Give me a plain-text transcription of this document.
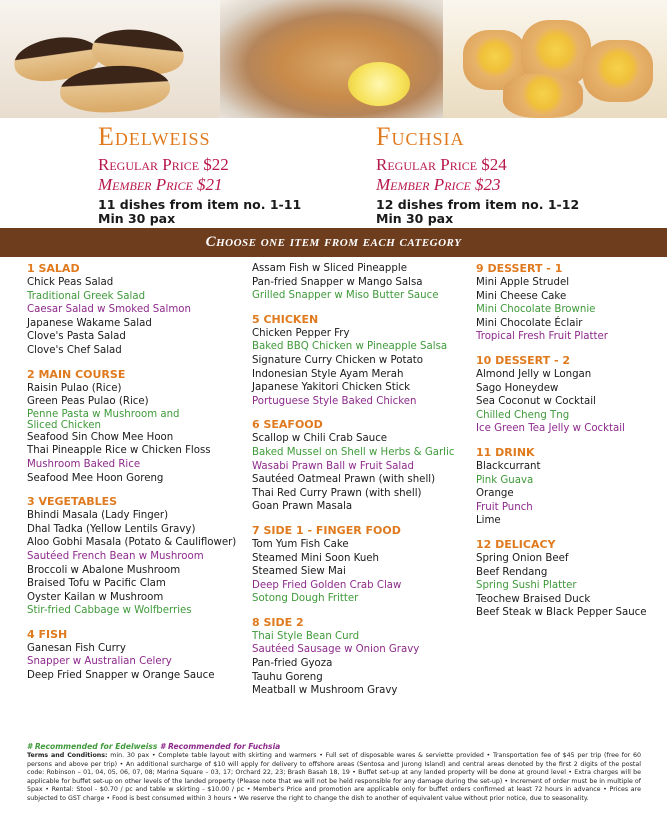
Edelweiss
Regular Price $22
Member Price $21
11 dishes from item no. 1-11
Min 30 pax
Fuchsia
Regular Price $24
Member Price $23
12 dishes from item no. 1-12
Min 30 pax
Choose one item from each category
1 SALAD
Chick Peas Salad
Traditional Greek Salad
Caesar Salad w Smoked Salmon
Japanese Wakame Salad
Clove's Pasta Salad
Clove's Chef Salad
2 MAIN COURSE
Raisin Pulao (Rice)
Green Peas Pulao (Rice)
Penne Pasta w Mushroom and Sliced Chicken
Seafood Sin Chow Mee Hoon
Thai Pineapple Rice w Chicken Floss
Mushroom Baked Rice
Seafood Mee Hoon Goreng
3 VEGETABLES
Bhindi Masala (Lady Finger)
Dhal Tadka (Yellow Lentils Gravy)
Aloo Gobhi Masala (Potato & Cauliflower)
Sautéed French Bean w Mushroom
Broccoli w Abalone Mushroom
Braised Tofu w Pacific Clam
Oyster Kailan w Mushroom
Stir-fried Cabbage w Wolfberries
4 FISH
Ganesan Fish Curry
Snapper w Australian Celery
Deep Fried Snapper w Orange Sauce
Assam Fish w Sliced Pineapple
Pan-fried Snapper w Mango Salsa
Grilled Snapper w Miso Butter Sauce
5 CHICKEN
Chicken Pepper Fry
Baked BBQ Chicken w Pineapple Salsa
Signature Curry Chicken w Potato
Indonesian Style Ayam Merah
Japanese Yakitori Chicken Stick
Portuguese Style Baked Chicken
6 SEAFOOD
Scallop w Chili Crab Sauce
Baked Mussel on Shell w Herbs & Garlic
Wasabi Prawn Ball w Fruit Salad
Sautéed Oatmeal Prawn (with shell)
Thai Red Curry Prawn (with shell)
Goan Prawn Masala
7 SIDE 1 - FINGER FOOD
Tom Yum Fish Cake
Steamed Mini Soon Kueh
Steamed Siew Mai
Deep Fried Golden Crab Claw
Sotong Dough Fritter
8 SIDE 2
Thai Style Bean Curd
Sautéed Sausage w Onion Gravy
Pan-fried Gyoza
Tauhu Goreng
Meatball w Mushroom Gravy
9 DESSERT - 1
Mini Apple Strudel
Mini Cheese Cake
Mini Chocolate Brownie
Mini Chocolate Éclair
Tropical Fresh Fruit Platter
10 DESSERT - 2
Almond Jelly w Longan
Sago Honeydew
Sea Coconut w Cocktail
Chilled Cheng Tng
Ice Green Tea Jelly w Cocktail
11 DRINK
Blackcurrant
Pink Guava
Orange
Fruit Punch
Lime
12 DELICACY
Spring Onion Beef
Beef Rendang
Spring Sushi Platter
Teochew Braised Duck
Beef Steak w Black Pepper Sauce
# Recommended for Edelweiss # Recommended for Fuchsia
Terms and Conditions: min. 30 pax • Complete table layout with skirting and warmers • Full set of disposable wares & serviette provided • Transportation fee of $45 per trip (free for 60 persons and above per trip) • An additional surcharge of $10 will apply for delivery to offshore areas (Sentosa and Jurong Island) and central areas denoted by the first 2 digits of the postal code: Robinson – 01, 04, 05, 06, 07, 08; Marina Square – 03, 17; Orchard 22, 23; Brash Basah 18, 19 • Buffet set-up at any landed property will be done at ground level • Extra charges will be applicable for buffet set-up on other levels of the landed property (Please note that we will not be held responsible for any damage during the set-up) • Increment of order must be in multiple of 5pax • Rental: Stool - $0.70 / pc and table w skirting - $10.00 / pc • Member's Price and promotion are applicable only for buffet orders confirmed at least 72 hours in advance • Prices are subjected to GST charge • Food is best consumed within 3 hours • We reserve the right to change the dish to another of equivalent value without prior notice, due to seasonality.
